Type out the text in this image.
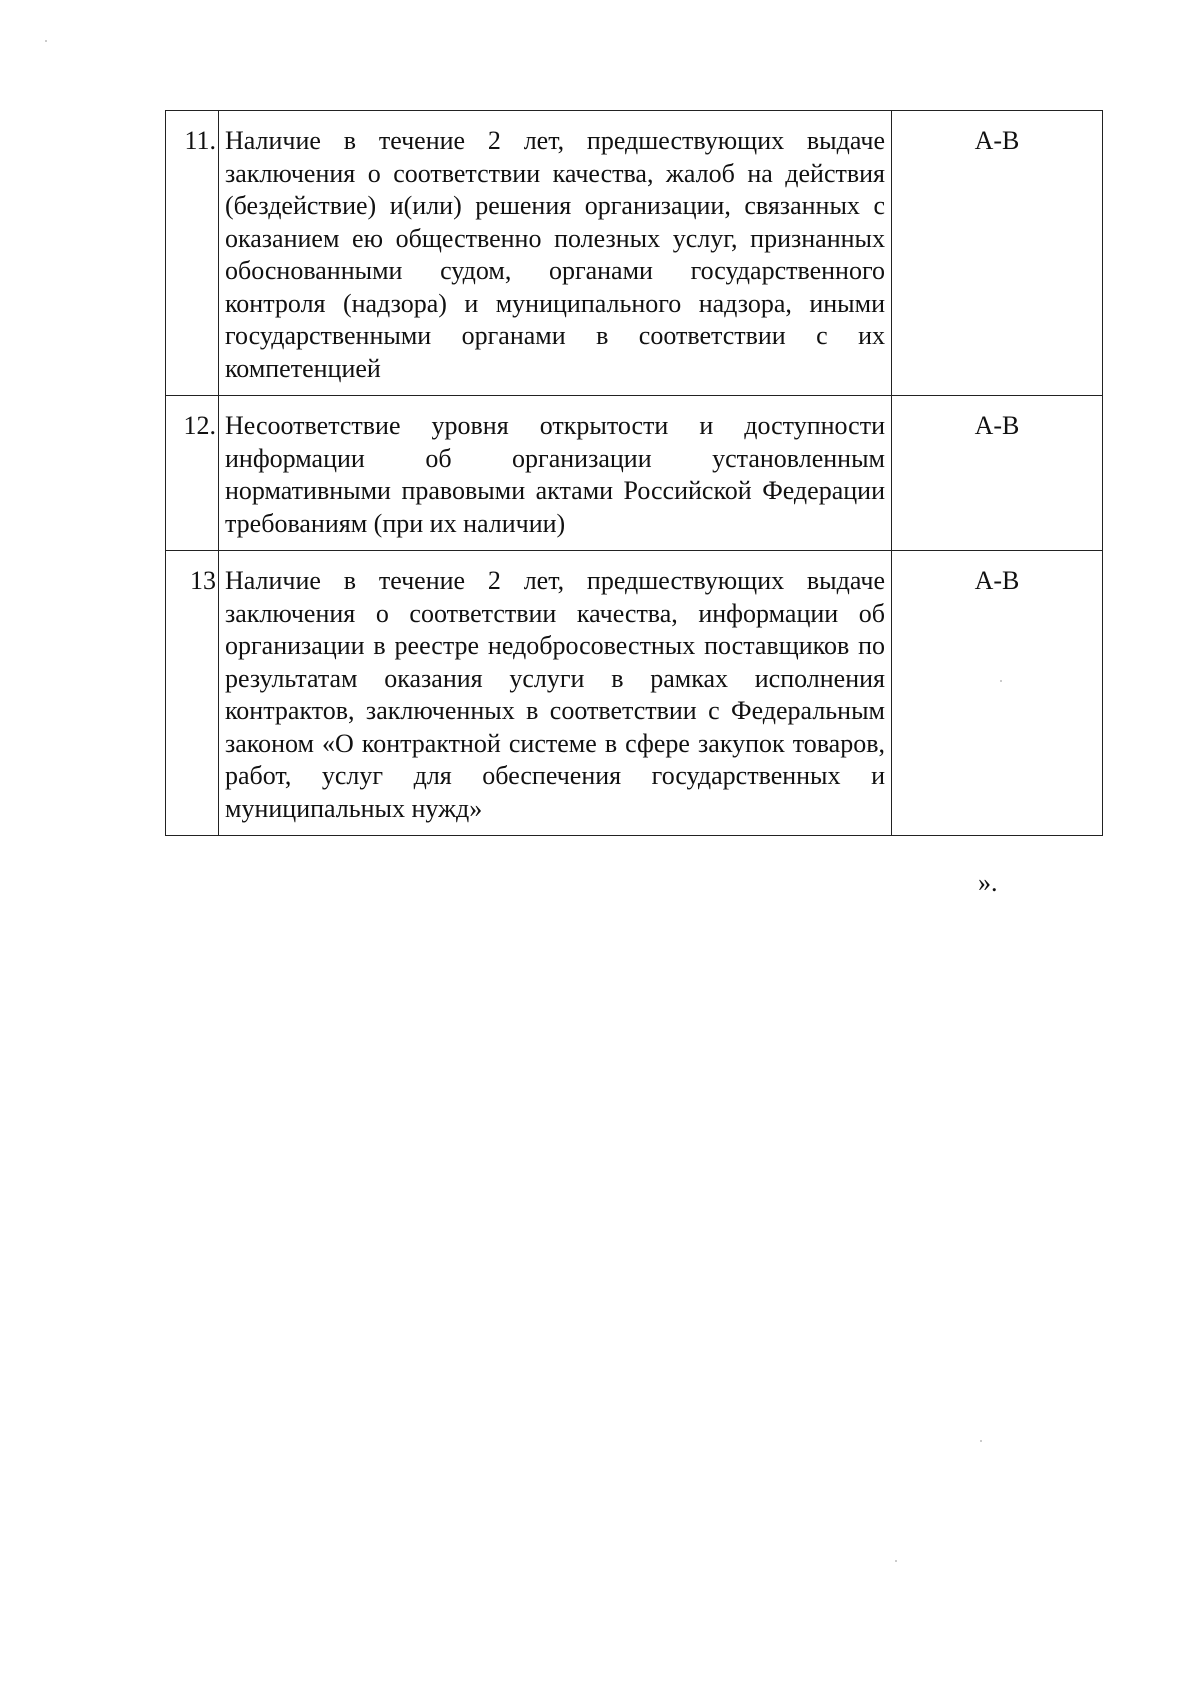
11.	Наличие в течение 2 лет, предшествующих выдаче заключения о соответствии качества, жалоб на действия (бездействие) и(или) решения организации, связанных с оказанием ею общественно полезных услуг, признанных обоснованными судом, органами государственного контроля (надзора) и муниципального надзора, иными государственными органами в соответствии с их компетенцией	А-В
12.	Несоответствие уровня открытости и доступности информации об организации установленным нормативными правовыми актами Российской Федерации требованиям (при их наличии)	А-В
13	Наличие в течение 2 лет, предшествующих выдаче заключения о соответствии качества, информации об организации в реестре недобросовестных поставщиков по результатам оказания услуги в рамках исполнения контрактов, заключенных в соответствии с Федеральным законом «О контрактной системе в сфере закупок товаров, работ, услуг для обеспечения государственных и муниципальных нужд»	А-В
».
